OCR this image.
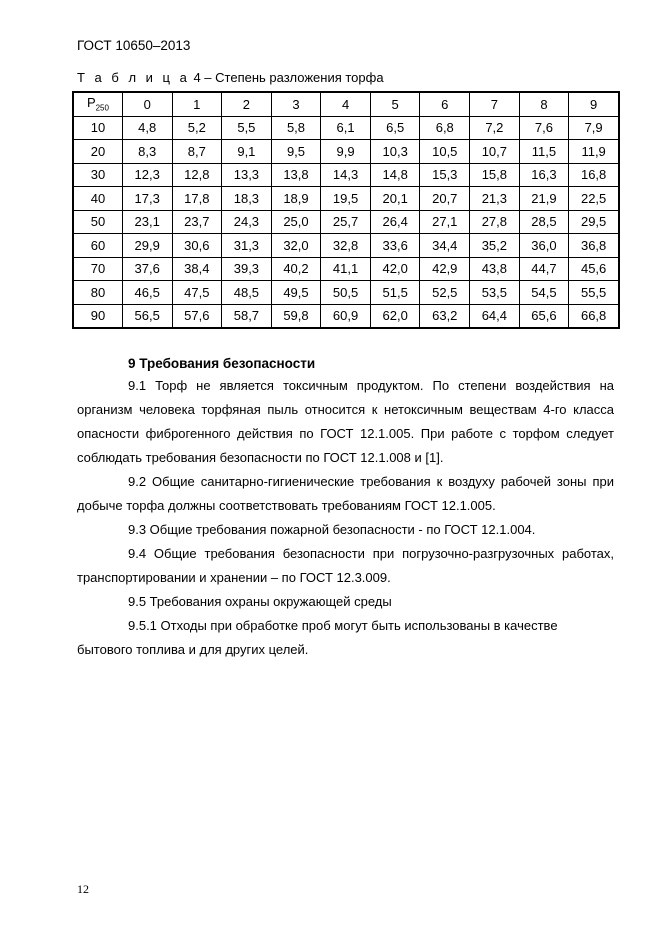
ГОСТ 10650–2013
Т а б л и ц а 4 – Степень разложения торфа
$Р_{250}$	0	1	2	3	4	5	6	7	8	9
10	4,8	5,2	5,5	5,8	6,1	6,5	6,8	7,2	7,6	7,9
20	8,3	8,7	9,1	9,5	9,9	10,3	10,5	10,7	11,5	11,9
30	12,3	12,8	13,3	13,8	14,3	14,8	15,3	15,8	16,3	16,8
40	17,3	17,8	18,3	18,9	19,5	20,1	20,7	21,3	21,9	22,5
50	23,1	23,7	24,3	25,0	25,7	26,4	27,1	27,8	28,5	29,5
60	29,9	30,6	31,3	32,0	32,8	33,6	34,4	35,2	36,0	36,8
70	37,6	38,4	39,3	40,2	41,1	42,0	42,9	43,8	44,7	45,6
80	46,5	47,5	48,5	49,5	50,5	51,5	52,5	53,5	54,5	55,5
90	56,5	57,6	58,7	59,8	60,9	62,0	63,2	64,4	65,6	66,8
9 Требования безопасности

9.1 Торф не является токсичным продуктом. По степени воздействия на организм человека торфяная пыль относится к нетоксичным веществам 4-го класса опасности фиброгенного действия по ГОСТ 12.1.005. При работе с торфом следует соблюдать требования безопасности по ГОСТ 12.1.008 и [1].

9.2 Общие санитарно-гигиенические требования к воздуху рабочей зоны при добыче торфа должны соответствовать требованиям ГОСТ 12.1.005.

9.3 Общие требования пожарной безопасности - по ГОСТ 12.1.004.

9.4 Общие требования безопасности при погрузочно-разгрузочных работах, транспортировании и хранении – по ГОСТ 12.3.009.

9.5 Требования охраны окружающей среды

9.5.1 Отходы при обработке проб могут быть использованы в качестве бытового топлива и для других целей.

12
